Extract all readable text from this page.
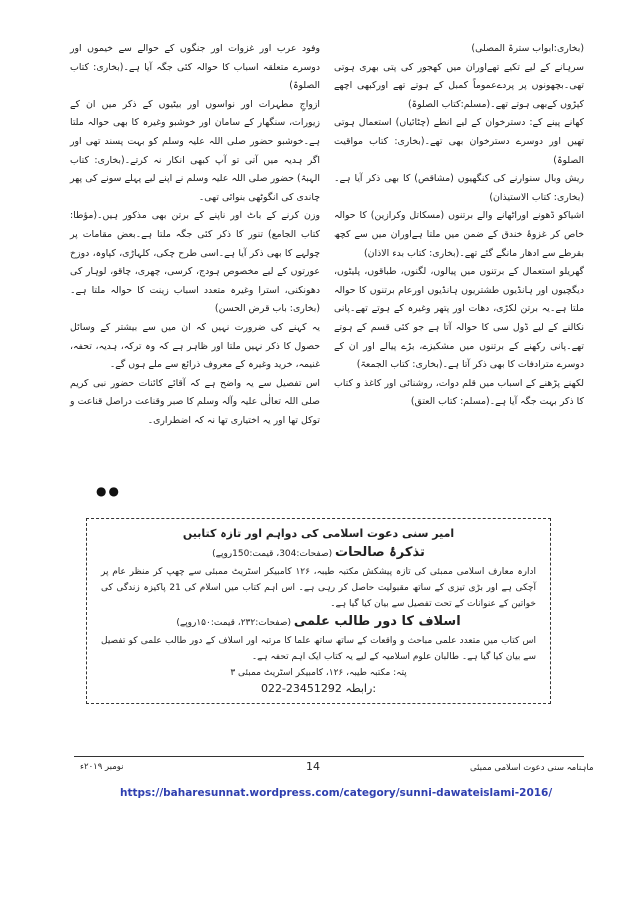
(بخاری:ابواب سترۃ المصلی)

سرہانے کے لیے تکیے تھےاوران میں کھجور کی پتی بھری ہوتی تھی۔بچھونوں پر پردےعموماً کمبل کے ہوتے تھے اورکبھی اچھے کپڑوں کےبھی ہوتے تھے۔(مسلم:کتاب الصلوۃ)

کھانے پینے کے: دسترخوان کے لیے انطے (چٹائیاں) استعمال ہوتی تھیں اور دوسرے دسترخوان بھی تھے۔(بخاری: کتاب مواقیت الصلوۃ)

ریش وبال سنوارنے کی کنگھیوں (مشاقص) کا بھی ذکر آیا ہے۔(بخاری: کتاب الاستیذان)

اشیاکو ڈھونے اوراٹھانے والے برتنوں (مسکاتل وکرازین) کا حوالہ خاص کر غزوۂ خندق کے ضمن میں ملتا ہےاوران میں سے کچھ بقرطے سے ادھار مانگے گئے تھے۔(بخاری: کتاب بدء الاذان)

گھریلو استعمال کے برتنوں میں پیالوں، لگنوں، طباقوں، پلیٹوں، دیگچیوں اور ہانڈیوں طشتریوں ہانڈیوں اورعام برتنوں کا حوالہ ملتا ہے۔یہ برتن لکڑی، دھات اور پتھر وغیرہ کے ہوتے تھے۔پانی نکالنے کے لیے ڈول سی کا حوالہ آتا ہے جو کئی قسم کے ہوتے تھے۔پانی رکھنے کے برتنوں میں مشکیزے، بڑے پیالے اور ان کے دوسرے مترادفات کا بھی ذکر آتا ہے۔(بخاری: کتاب الجمعۃ)

لکھنے پڑھنے کے اسباب میں قلم دوات، روشنائی اور کاغذ و کتاب کا ذکر بہت جگہ آیا ہے۔(مسلم: کتاب العتق)

وفود عرب اور غزوات اور جنگوں کے حوالے سے خیموں اور دوسرے متعلقہ اسباب کا حوالہ کئی جگہ آیا ہے۔(بخاری: کتاب الصلوۃ)

ازواجِ مطہرات اور نواسوں اور بیٹیوں کے ذکر میں ان کے زیورات، سنگھار کے سامان اور خوشبو وغیرہ کا بھی حوالہ ملتا ہے۔خوشبو حضور صلی اللہ علیہ وسلم کو بہت پسند تھی اور اگر ہدیہ میں آتی تو آپ کبھی انکار نہ کرتے۔(بخاری: کتاب الہبۃ) حضور صلی اللہ علیہ وسلم نے اپنے لیے پہلے سونے کی پھر چاندی کی انگوٹھی بنوائی تھی۔

وزن کرنے کے باٹ اور ناپنے کے برتن بھی مذکور ہیں۔(مؤطا: کتاب الجامع) تنور کا ذکر کئی جگہ ملتا ہے۔بعض مقامات پر چولہے کا بھی ذکر آیا ہے۔اسی طرح چکی، کلہاڑی، کپاوہ، دوزخ عورتوں کے لیے مخصوص ہودج، کرسی، چھری، چاقو، لوہار کی دھونکنی، استرا وغیرہ متعدد اسباب زینت کا حوالہ ملتا ہے۔(بخاری: باب قرض الحسن)

یہ کہنے کی ضرورت نہیں کہ ان میں سے بیشتر کے وسائل حصول کا ذکر نہیں ملتا اور ظاہر ہے کہ وہ ترکہ، ہدیہ، تحفہ، غنیمہ، خرید وغیرہ کے معروف ذرائع سے ملے ہوں گے۔

اس تفصیل سے یہ واضح ہے کہ آقائے کائنات حضور نبی کریم صلی اللہ تعالٰی علیہ وآلہ وسلم کا صبر وقناعت دراصل قناعت و توکل تھا اور یہ اختیاری تھا نہ کہ اضطراری۔

●●
امیر سنی دعوت اسلامی کی دواہم اور تازہ کتابیں
تذکرۂ صالحات (صفحات:304، قیمت:150روپے)

ادارہ معارف اسلامی ممبئی کی تازہ پیشکش مکتبہ طیبہ، ۱۲۶ کامبیکر اسٹریٹ ممبئی سے چھپ کر منظر عام پر آچکی ہے اور بڑی تیزی کے ساتھ مقبولیت حاصل کر رہی ہے۔ اس اہم کتاب میں اسلام کی 21 پاکیزہ زندگی کی خواتین کے عنوانات کے تحت تفصیل سے بیان کیا گیا ہے۔

اسلاف کا دور طالب علمی (صفحات:۲۳۲، قیمت:۱۵۰روپے)

اس کتاب میں متعدد علمی مباحث و واقعات کے ساتھ ساتھ علما کا مرتبہ اور اسلاف کے دور طالب علمی کو تفصیل سے بیان کیا گیا ہے۔ طالبان علوم اسلامیہ کے لیے یہ کتاب ایک اہم تحفہ ہے۔

پتہ: مکتبہ طیبہ، ۱۲۶، کامبیکر اسٹریٹ ممبئی ۳
022-23451292 رابطہ:
14
نومبر ۲۰۱۹ء	ماہنامہ سنی دعوت اسلامی ممبئی
https://baharesunnat.wordpress.com/category/sunni-dawateislami-2016/
